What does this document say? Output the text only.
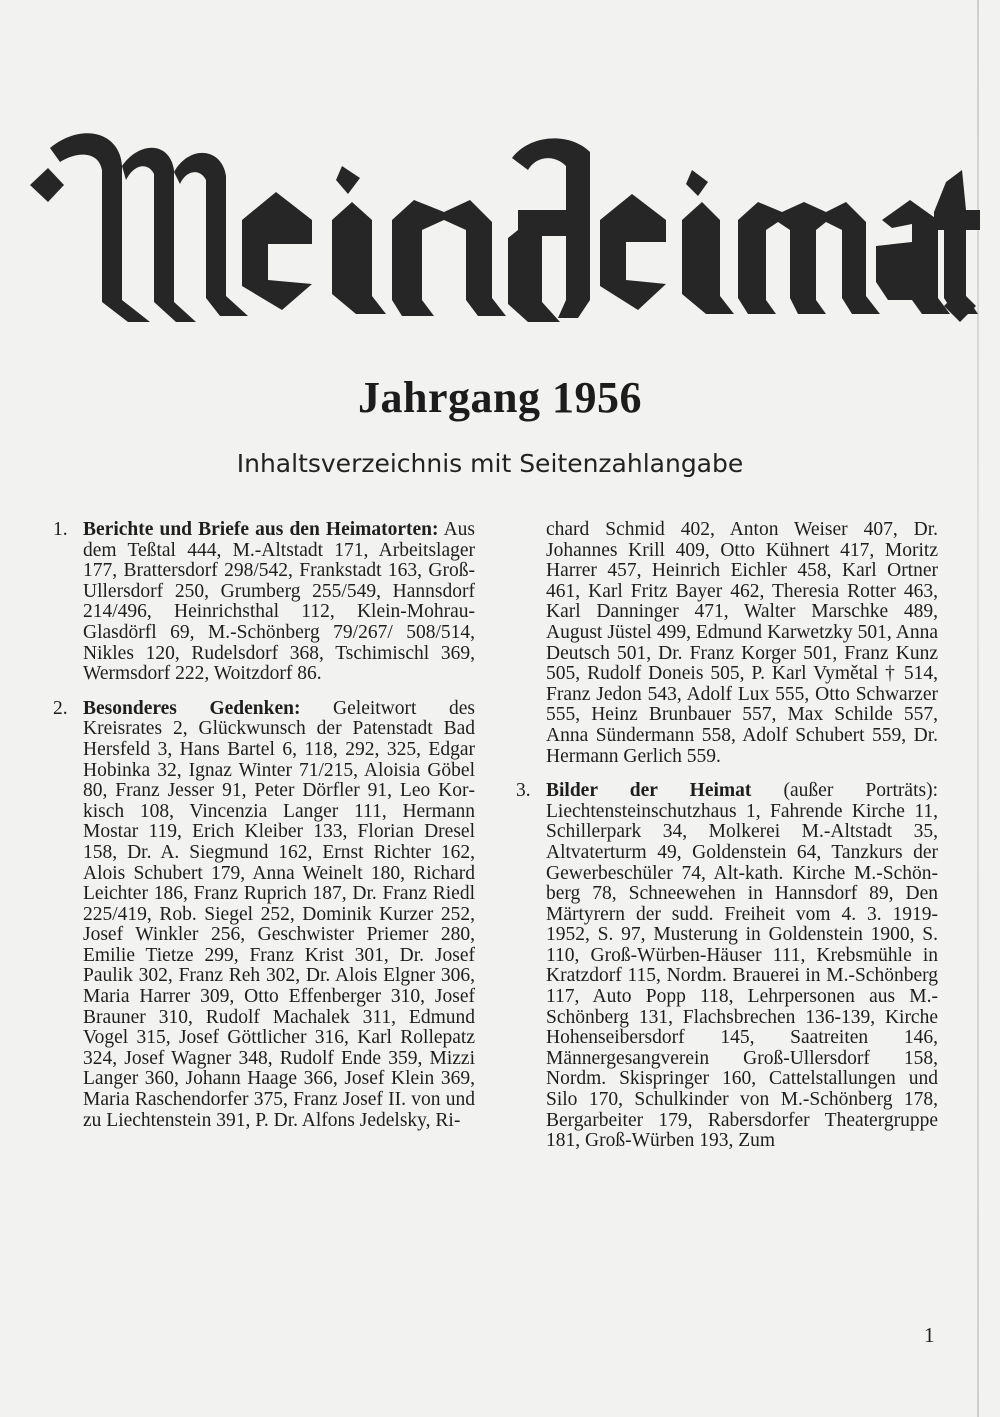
Jahrgang 1956
Inhaltsverzeichnis mit Seitenzahlangabe
1. Berichte und Briefe aus den Heimatorten: Aus dem Teßtal 444, M.-Altstadt 171, Arbeitslager 177, Brattersdorf 298/542, Frankstadt 163, Groß-Ullersdorf 250, Grumberg 255/549, Hannsdorf 214/496, Heinrichsthal 112, Klein-Mohrau-Glasdörfl 69, M.-Schönberg 79/267/ 508/514, Nikles 120, Rudelsdorf 368, Tschimischl 369, Wermsdorf 222, Woitzdorf 86.
2. Besonderes Gedenken: Geleitwort des Kreisrates 2, Glückwunsch der Patenstadt Bad Hersfeld 3, Hans Bartel 6, 118, 292, 325, Edgar Hobinka 32, Ignaz Winter 71/215, Aloisia Göbel 80, Franz Jesser 91, Peter Dörfler 91, Leo Korkisch 108, Vincenzia Langer 111, Hermann Mostar 119, Erich Kleiber 133, Florian Dresel 158, Dr. A. Siegmund 162, Ernst Richter 162, Alois Schubert 179, Anna Weinelt 180, Richard Leichter 186, Franz Ruprich 187, Dr. Franz Riedl 225/419, Rob. Siegel 252, Dominik Kurzer 252, Josef Winkler 256, Geschwister Priemer 280, Emilie Tietze 299, Franz Krist 301, Dr. Josef Paulik 302, Franz Reh 302, Dr. Alois Elgner 306, Maria Harrer 309, Otto Effenberger 310, Josef Brauner 310, Rudolf Machalek 311, Edmund Vogel 315, Josef Göttlicher 316, Karl Rollepatz 324, Josef Wagner 348, Rudolf Ende 359, Mizzi Langer 360, Johann Haage 366, Josef Klein 369, Maria Raschendorfer 375, Franz Josef II. von und zu Liechtenstein 391, P. Dr. Alfons Jedelsky, Ri-
chard Schmid 402, Anton Weiser 407, Dr. Johannes Krill 409, Otto Kühnert 417, Moritz Harrer 457, Heinrich Eichler 458, Karl Ortner 461, Karl Fritz Bayer 462, Theresia Rotter 463, Karl Danninger 471, Walter Marschke 489, August Jüstel 499, Edmund Karwetzky 501, Anna Deutsch 501, Dr. Franz Korger 501, Franz Kunz 505, Rudolf Doneis 505, P. Karl Vymětal † 514, Franz Jedon 543, Adolf Lux 555, Otto Schwarzer 555, Heinz Brunbauer 557, Max Schilde 557, Anna Sündermann 558, Adolf Schubert 559, Dr. Hermann Gerlich 559.
3. Bilder der Heimat (außer Porträts): Liechtensteinschutzhaus 1, Fahrende Kirche 11, Schillerpark 34, Molkerei M.-Altstadt 35, Altvaterturm 49, Goldenstein 64, Tanzkurs der Gewerbeschüler 74, Alt-kath. Kirche M.-Schönberg 78, Schneewehen in Hannsdorf 89, Den Märtyrern der sudd. Freiheit vom 4. 3. 1919-1952, S. 97, Musterung in Goldenstein 1900, S. 110, Groß-Würben-Häuser 111, Krebsmühle in Kratzdorf 115, Nordm. Brauerei in M.-Schönberg 117, Auto Popp 118, Lehrpersonen aus M.-Schönberg 131, Flachsbrechen 136-139, Kirche Hohenseibersdorf 145, Saatreiten 146, Männergesangverein Groß-Ullersdorf 158, Nordm. Skispringer 160, Cattelstallungen und Silo 170, Schulkinder von M.-Schönberg 178, Bergarbeiter 179, Rabersdorfer Theatergruppe 181, Groß-Würben 193, Zum
1
